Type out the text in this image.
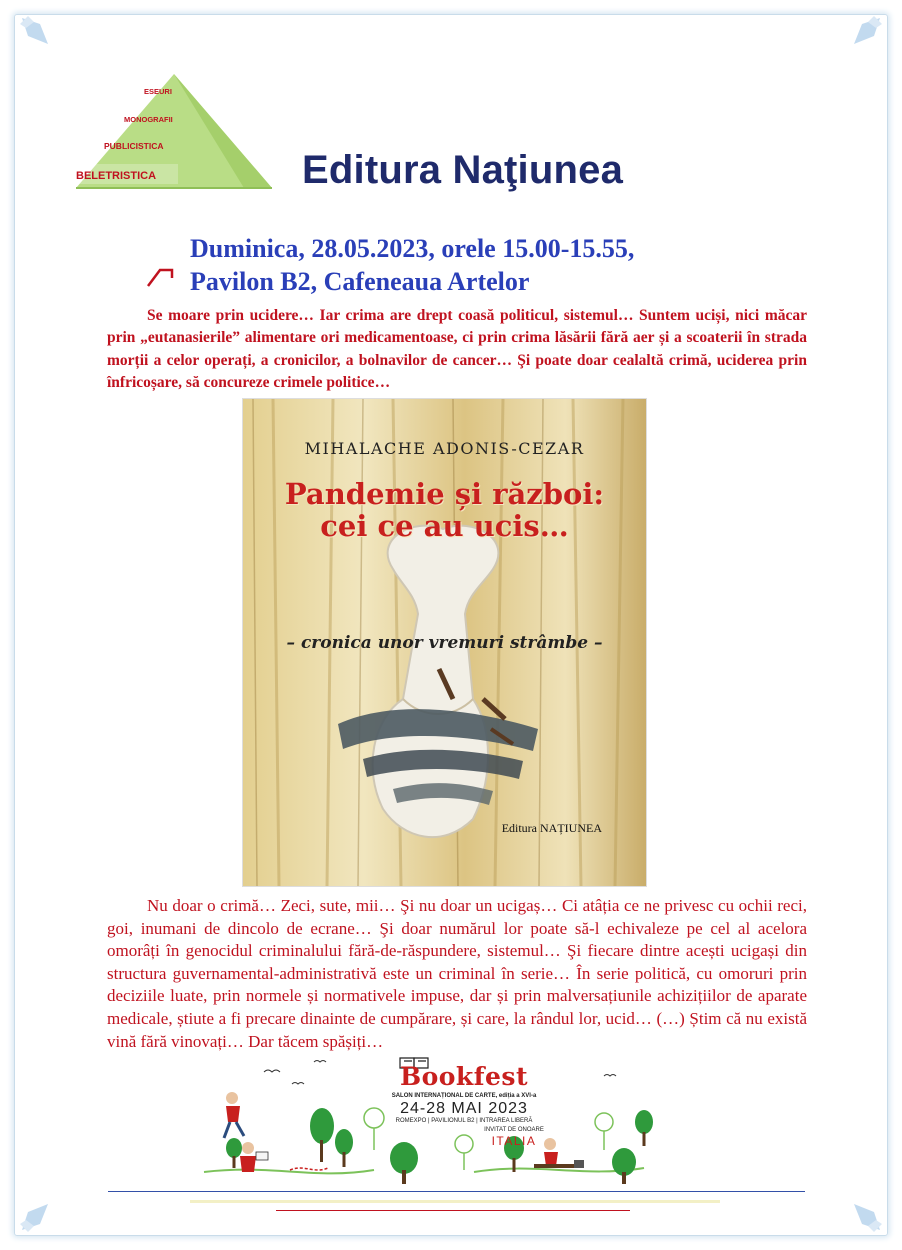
ESEURI
MONOGRAFII
PUBLICISTICA
BELETRISTICA	Editura Naţiunea
Duminica, 28.05.2023, orele 15.00-15.55,
Pavilon B2, Cafeneaua Artelor

Se moare prin ucidere… Iar crima are drept coasă politicul, sistemul… Suntem uciși, nici măcar prin „eutanasierile” alimentare ori medicamentoase, ci prin crima lăsării fără aer și a scoaterii în strada morții a celor operați, a cronicilor, a bolnavilor de cancer… Şi poate doar cealaltă crimă, uciderea prin înfricoșare, să concureze crimele politice…

MIHALACHE ADONIS-CEZAR
Pandemie și război:
cei ce au ucis…
– cronica unor vremuri strâmbe –
Editura NAȚIUNEA

Nu doar o crimă… Zeci, sute, mii… Şi nu doar un ucigaș… Ci atâția ce ne privesc cu ochii reci, goi, inumani de dincolo de ecrane… Şi doar numărul lor poate să-l echivaleze pe cel al acelora omorâți în genocidul criminalului fără-de-răspundere, sistemul… Şi fiecare dintre acești ucigași din structura guvernamental-administrativă este un criminal în serie… În serie politică, cu omoruri prin deciziile luate, prin normele și normativele impuse, dar și prin malversațiunile achizițiilor de aparate medicale, știute a fi precare dinainte de cumpărare, și care, la rândul lor, ucid… (…) Știm că nu există vină fără vinovați… Dar tăcem spășiți…

Bookfest
SALON INTERNAȚIONAL DE CARTE, ediția a XVI-a
24-28 MAI 2023
ROMEXPO | PAVILIONUL B2 | INTRAREA LIBERĂ
INVITAT DE ONOARE
ITALIA
